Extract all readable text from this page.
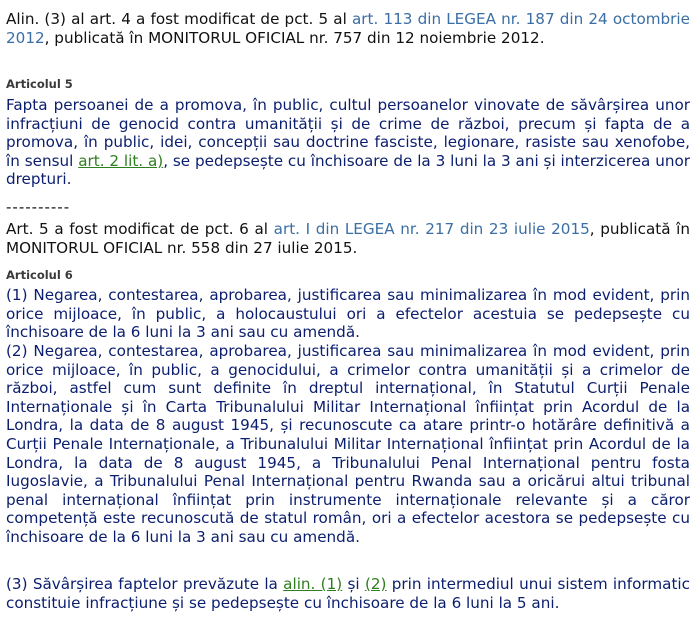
Alin. (3) al art. 4 a fost modificat de pct. 5 al art. 113 din LEGEA nr. 187 din 24 octombrie 2012, publicată în MONITORUL OFICIAL nr. 757 din 12 noiembrie 2012.
Articolul 5
Fapta persoanei de a promova, în public, cultul persoanelor vinovate de săvârșirea unor infracțiuni de genocid contra umanității și de crime de război, precum și fapta de a promova, în public, idei, concepții sau doctrine fasciste, legionare, rasiste sau xenofobe, în sensul art. 2 lit. a), se pedepsește cu închisoare de la 3 luni la 3 ani și interzicerea unor drepturi.
----------
Art. 5 a fost modificat de pct. 6 al art. I din LEGEA nr. 217 din 23 iulie 2015, publicată în MONITORUL OFICIAL nr. 558 din 27 iulie 2015.
Articolul 6
(1) Negarea, contestarea, aprobarea, justificarea sau minimalizarea în mod evident, prin orice mijloace, în public, a holocaustului ori a efectelor acestuia se pedepsește cu închisoare de la 6 luni la 3 ani sau cu amendă.
(2) Negarea, contestarea, aprobarea, justificarea sau minimalizarea în mod evident, prin orice mijloace, în public, a genocidului, a crimelor contra umanității și a crimelor de război, astfel cum sunt definite în dreptul internațional, în Statutul Curții Penale Internaționale și în Carta Tribunalului Militar Internațional înființat prin Acordul de la Londra, la data de 8 august 1945, și recunoscute ca atare printr-o hotărâre definitivă a Curții Penale Internaționale, a Tribunalului Militar Internațional înființat prin Acordul de la Londra, la data de 8 august 1945, a Tribunalului Penal Internațional pentru fosta Iugoslavie, a Tribunalului Penal Internațional pentru Rwanda sau a oricărui altui tribunal penal internațional înființat prin instrumente internaționale relevante și a căror competență este recunoscută de statul român, ori a efectelor acestora se pedepsește cu închisoare de la 6 luni la 3 ani sau cu amendă.
(3) Săvârșirea faptelor prevăzute la alin. (1) și (2) prin intermediul unui sistem informatic constituie infracțiune și se pedepsește cu închisoare de la 6 luni la 5 ani.
